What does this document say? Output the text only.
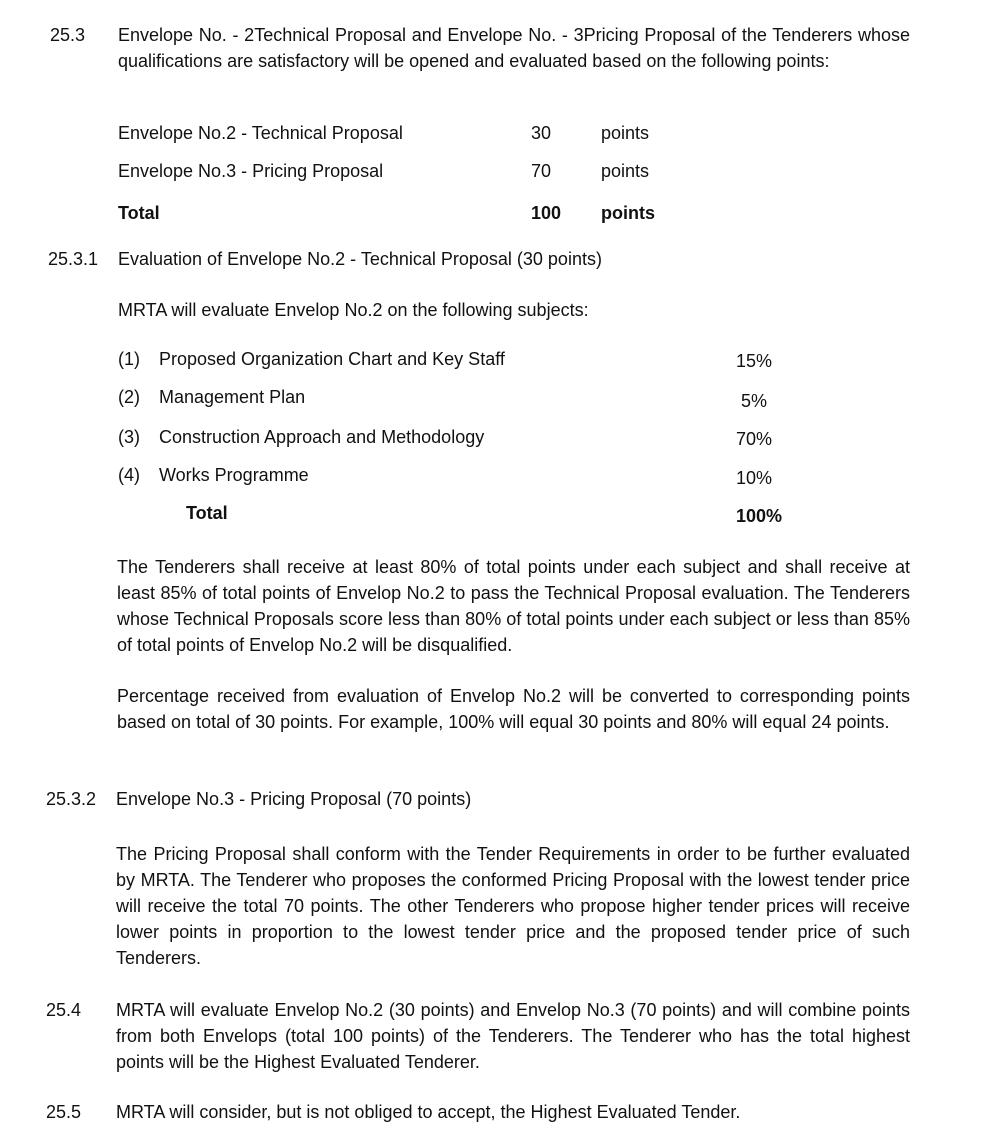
25.3 Envelope No. - 2Technical Proposal and Envelope No. - 3Pricing Proposal of the Tenderers whose qualifications are satisfactory will be opened and evaluated based on the following points:
Envelope No.2 - Technical Proposal	30	points
Envelope No.3 - Pricing Proposal	70	points
Total	100 points
25.3.1 Evaluation of Envelope No.2 - Technical Proposal (30 points)
MRTA will evaluate Envelop No.2 on the following subjects:
(1) Proposed Organization Chart and Key Staff	15%
(2) Management Plan	5%
(3) Construction Approach and Methodology	70%
(4) Works Programme	10%
Total	100%
The Tenderers shall receive at least 80% of total points under each subject and shall receive at least 85% of total points of Envelop No.2 to pass the Technical Proposal evaluation. The Tenderers whose Technical Proposals score less than 80% of total points under each subject or less than 85% of total points of Envelop No.2 will be disqualified.
Percentage received from evaluation of Envelop No.2 will be converted to corresponding points based on total of 30 points. For example, 100% will equal 30 points and 80% will equal 24 points.
25.3.2 Envelope No.3 - Pricing Proposal (70 points)
The Pricing Proposal shall conform with the Tender Requirements in order to be further evaluated by MRTA. The Tenderer who proposes the conformed Pricing Proposal with the lowest tender price will receive the total 70 points. The other Tenderers who propose higher tender prices will receive lower points in proportion to the lowest tender price and the proposed tender price of such Tenderers.
25.4 MRTA will evaluate Envelop No.2 (30 points) and Envelop No.3 (70 points) and will combine points from both Envelops (total 100 points) of the Tenderers. The Tenderer who has the total highest points will be the Highest Evaluated Tenderer.
25.5 MRTA will consider, but is not obliged to accept, the Highest Evaluated Tender.
